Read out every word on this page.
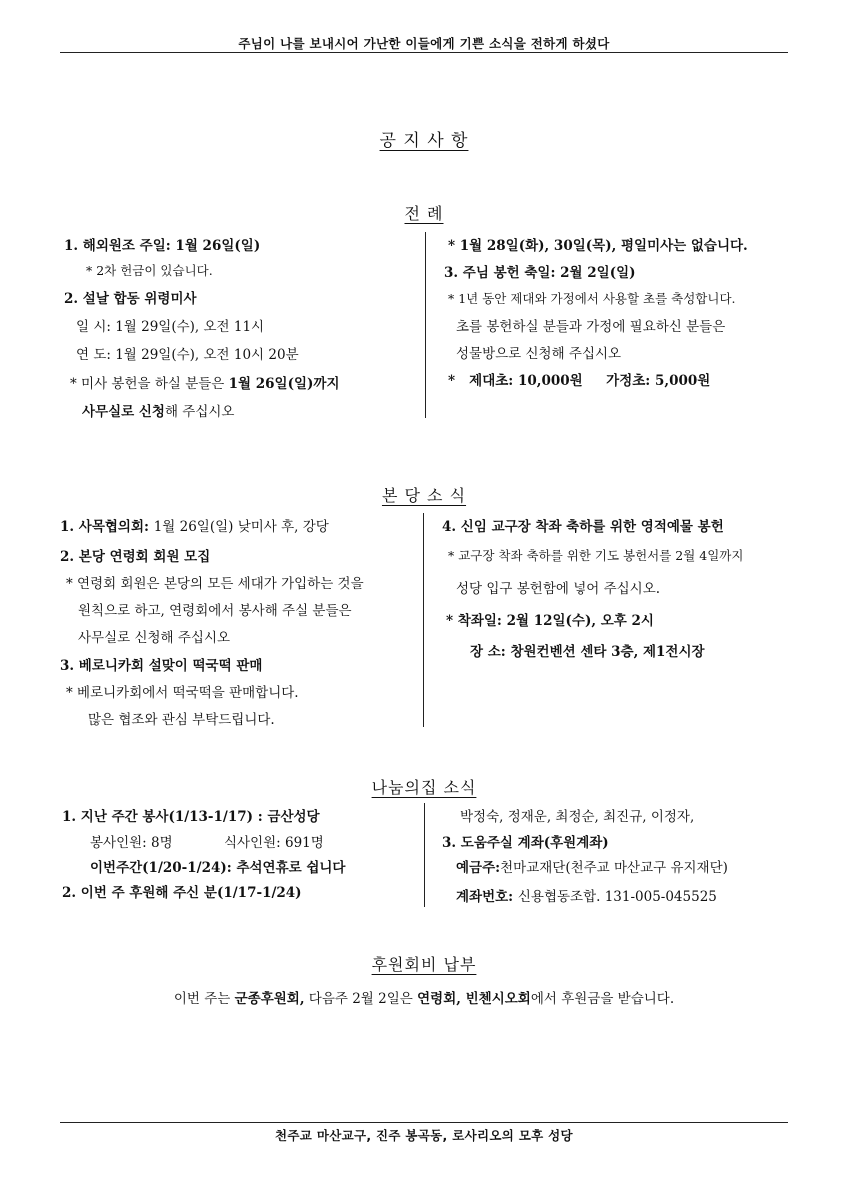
주님이 나를 보내시어 가난한 이들에게 기쁜 소식을 전하게 하셨다
공 지 사 항
전 례
1. 해외원조 주일: 1월 26일(일)
* 2차 헌금이 있습니다.
2. 설날 합동 위령미사
일 시: 1월 29일(수), 오전 11시
연 도: 1월 29일(수), 오전 10시 20분
* 미사 봉헌을 하실 분들은 1월 26일(일)까지
사무실로 신청해 주십시오
* 1월 28일(화), 30일(목), 평일미사는 없습니다.
3. 주님 봉헌 축일: 2월 2일(일)
* 1년 동안 제대와 가정에서 사용할 초를 축성합니다.
초를 봉헌하실 분들과 가정에 필요하신 분들은
성물방으로 신청해 주십시오
*   제대초: 10,000원     가정초: 5,000원
본 당 소 식
1. 사목협의회: 1월 26일(일) 낮미사 후, 강당
2. 본당 연령회 회원 모집
* 연령회 회원은 본당의 모든 세대가 가입하는 것을
원칙으로 하고, 연령회에서 봉사해 주실 분들은
사무실로 신청해 주십시오
3. 베로니카회 설맞이 떡국떡 판매
* 베로니카회에서 떡국떡을 판매합니다.
많은 협조와 관심 부탁드립니다.
4. 신임 교구장 착좌 축하를 위한 영적예물 봉헌
* 교구장 착좌 축하를 위한 기도 봉헌서를 2월 4일까지
성당 입구 봉헌함에 넣어 주십시오.
* 착좌일: 2월 12일(수), 오후 2시
장 소: 창원컨벤션 센타 3층, 제1전시장
나눔의집 소식
1. 지난 주간 봉사(1/13-1/17) : 금산성당
봉사인원: 8명	식사인원: 691명
이번주간(1/20-1/24): 추석연휴로 쉽니다
2. 이번 주 후원해 주신 분(1/17-1/24)
박정숙, 정재운, 최정순, 최진규, 이정자,
3. 도움주실 계좌(후원계좌)
예금주:천마교재단(천주교 마산교구 유지재단)
계좌번호: 신용협동조합. 131-005-045525
후원회비 납부
이번 주는 군종후원회, 다음주 2월 2일은 연령회, 빈첸시오회에서 후원금을 받습니다.
천주교 마산교구, 진주 봉곡동, 로사리오의 모후 성당
